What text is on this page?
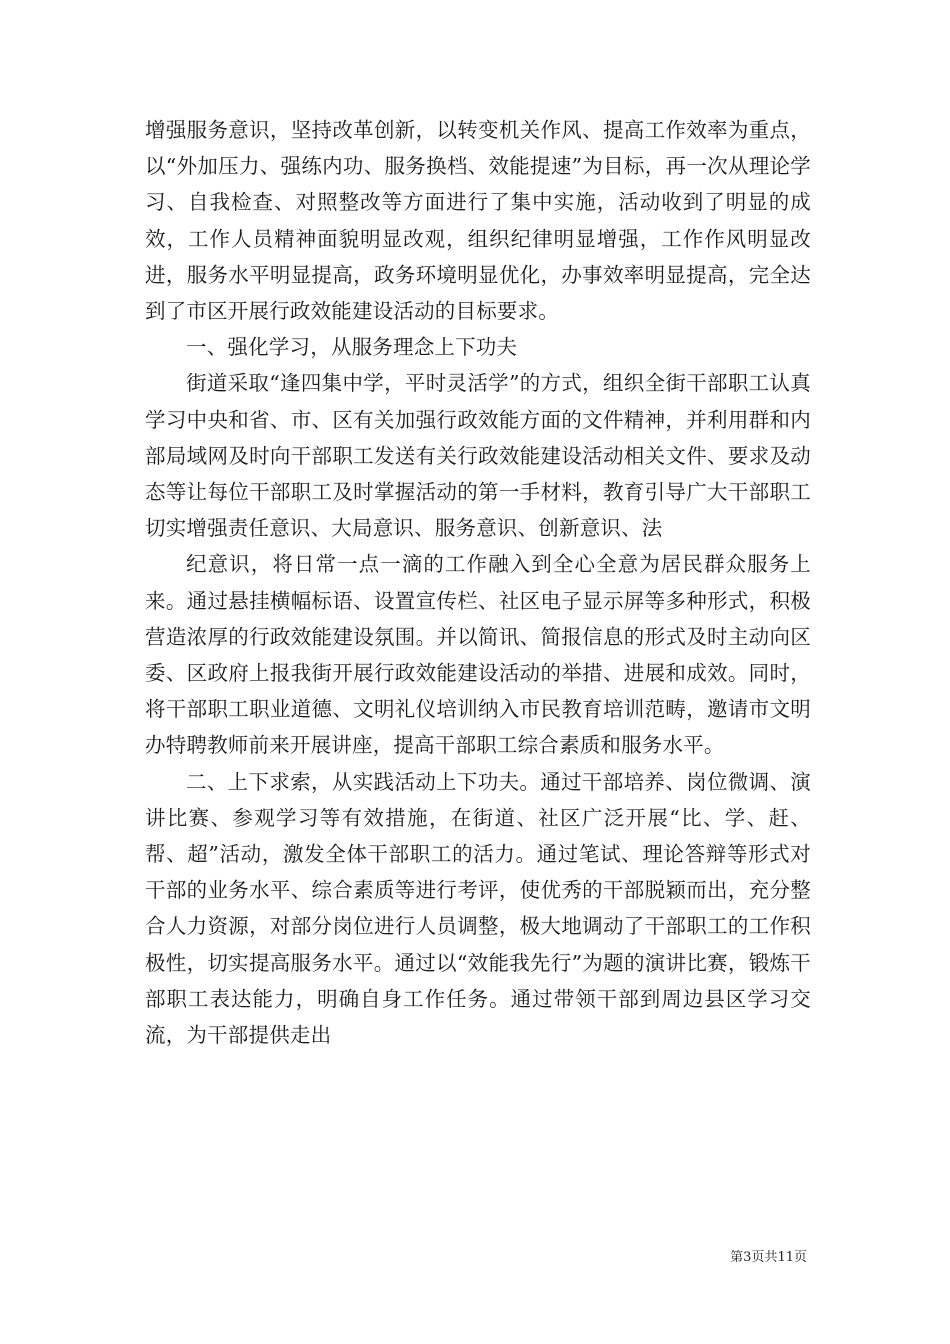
增强服务意识，坚持改革创新，以转变机关作风、提高工作效率为重点，以“外加压力、强练内功、服务换档、效能提速”为目标，再一次从理论学习、自我检查、对照整改等方面进行了集中实施，活动收到了明显的成效，工作人员精神面貌明显改观，组织纪律明显增强，工作作风明显改进，服务水平明显提高，政务环境明显优化，办事效率明显提高，完全达到了市区开展行政效能建设活动的目标要求。

一、强化学习，从服务理念上下功夫

街道采取“逢四集中学，平时灵活学”的方式，组织全街干部职工认真学习中央和省、市、区有关加强行政效能方面的文件精神，并利用群和内部局域网及时向干部职工发送有关行政效能建设活动相关文件、要求及动态等让每位干部职工及时掌握活动的第一手材料，教育引导广大干部职工切实增强责任意识、大局意识、服务意识、创新意识、法

纪意识，将日常一点一滴的工作融入到全心全意为居民群众服务上来。通过悬挂横幅标语、设置宣传栏、社区电子显示屏等多种形式，积极营造浓厚的行政效能建设氛围。并以简讯、简报信息的形式及时主动向区委、区政府上报我街开展行政效能建设活动的举措、进展和成效。同时，将干部职工职业道德、文明礼仪培训纳入市民教育培训范畴，邀请市文明办特聘教师前来开展讲座，提高干部职工综合素质和服务水平。

二、上下求索，从实践活动上下功夫。通过干部培养、岗位微调、演讲比赛、参观学习等有效措施，在街道、社区广泛开展“比、学、赶、帮、超”活动，激发全体干部职工的活力。通过笔试、理论答辩等形式对干部的业务水平、综合素质等进行考评，使优秀的干部脱颖而出，充分整合人力资源，对部分岗位进行人员调整，极大地调动了干部职工的工作积极性，切实提高服务水平。通过以“效能我先行”为题的演讲比赛，锻炼干部职工表达能力，明确自身工作任务。通过带领干部到周边县区学习交流，为干部提供走出

第3页共11页
